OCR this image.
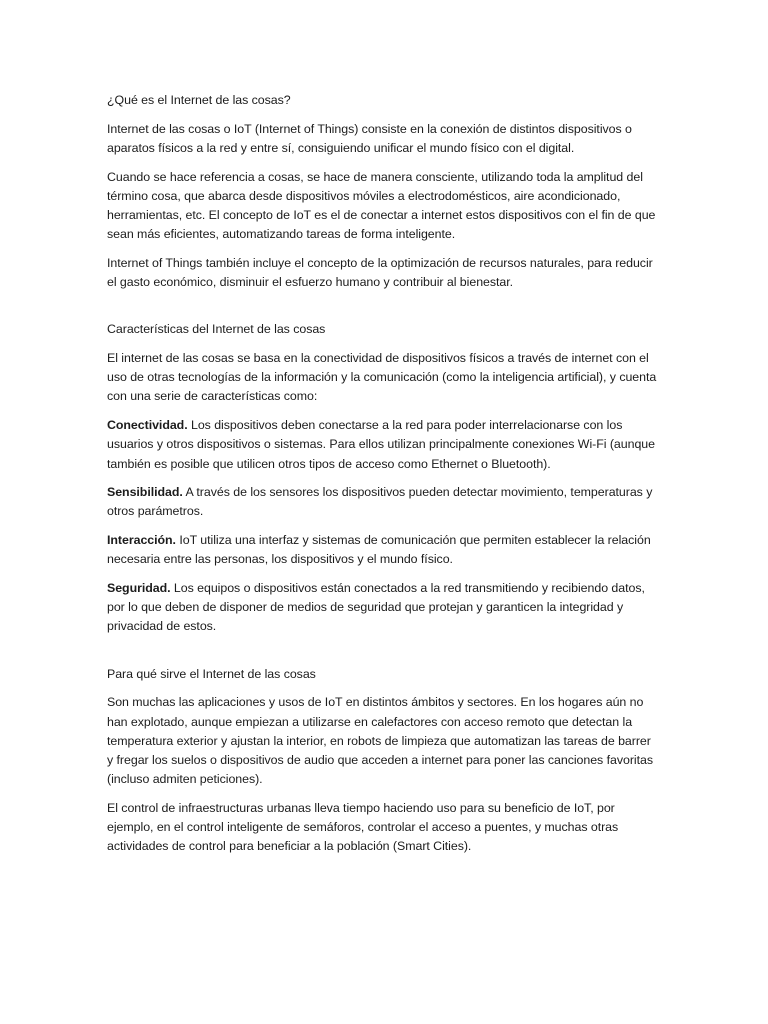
¿Qué es el Internet de las cosas?

Internet de las cosas o IoT (Internet of Things) consiste en la conexión de distintos dispositivos o aparatos físicos a la red y entre sí, consiguiendo unificar el mundo físico con el digital.

Cuando se hace referencia a cosas, se hace de manera consciente, utilizando toda la amplitud del término cosa, que abarca desde dispositivos móviles a electrodomésticos, aire acondicionado, herramientas, etc. El concepto de IoT es el de conectar a internet estos dispositivos con el fin de que sean más eficientes, automatizando tareas de forma inteligente.

Internet of Things también incluye el concepto de la optimización de recursos naturales, para reducir el gasto económico, disminuir el esfuerzo humano y contribuir al bienestar.

Características del Internet de las cosas

El internet de las cosas se basa en la conectividad de dispositivos físicos a través de internet con el uso de otras tecnologías de la información y la comunicación (como la inteligencia artificial), y cuenta con una serie de características como:

Conectividad. Los dispositivos deben conectarse a la red para poder interrelacionarse con los usuarios y otros dispositivos o sistemas. Para ellos utilizan principalmente conexiones Wi-Fi (aunque también es posible que utilicen otros tipos de acceso como Ethernet o Bluetooth).

Sensibilidad. A través de los sensores los dispositivos pueden detectar movimiento, temperaturas y otros parámetros.

Interacción. IoT utiliza una interfaz y sistemas de comunicación que permiten establecer la relación necesaria entre las personas, los dispositivos y el mundo físico.

Seguridad. Los equipos o dispositivos están conectados a la red transmitiendo y recibiendo datos, por lo que deben de disponer de medios de seguridad que protejan y garanticen la integridad y privacidad de estos.

Para qué sirve el Internet de las cosas

Son muchas las aplicaciones y usos de IoT en distintos ámbitos y sectores. En los hogares aún no han explotado, aunque empiezan a utilizarse en calefactores con acceso remoto que detectan la temperatura exterior y ajustan la interior, en robots de limpieza que automatizan las tareas de barrer y fregar los suelos o dispositivos de audio que acceden a internet para poner las canciones favoritas (incluso admiten peticiones).

El control de infraestructuras urbanas lleva tiempo haciendo uso para su beneficio de IoT, por ejemplo, en el control inteligente de semáforos, controlar el acceso a puentes, y muchas otras actividades de control para beneficiar a la población (Smart Cities).
